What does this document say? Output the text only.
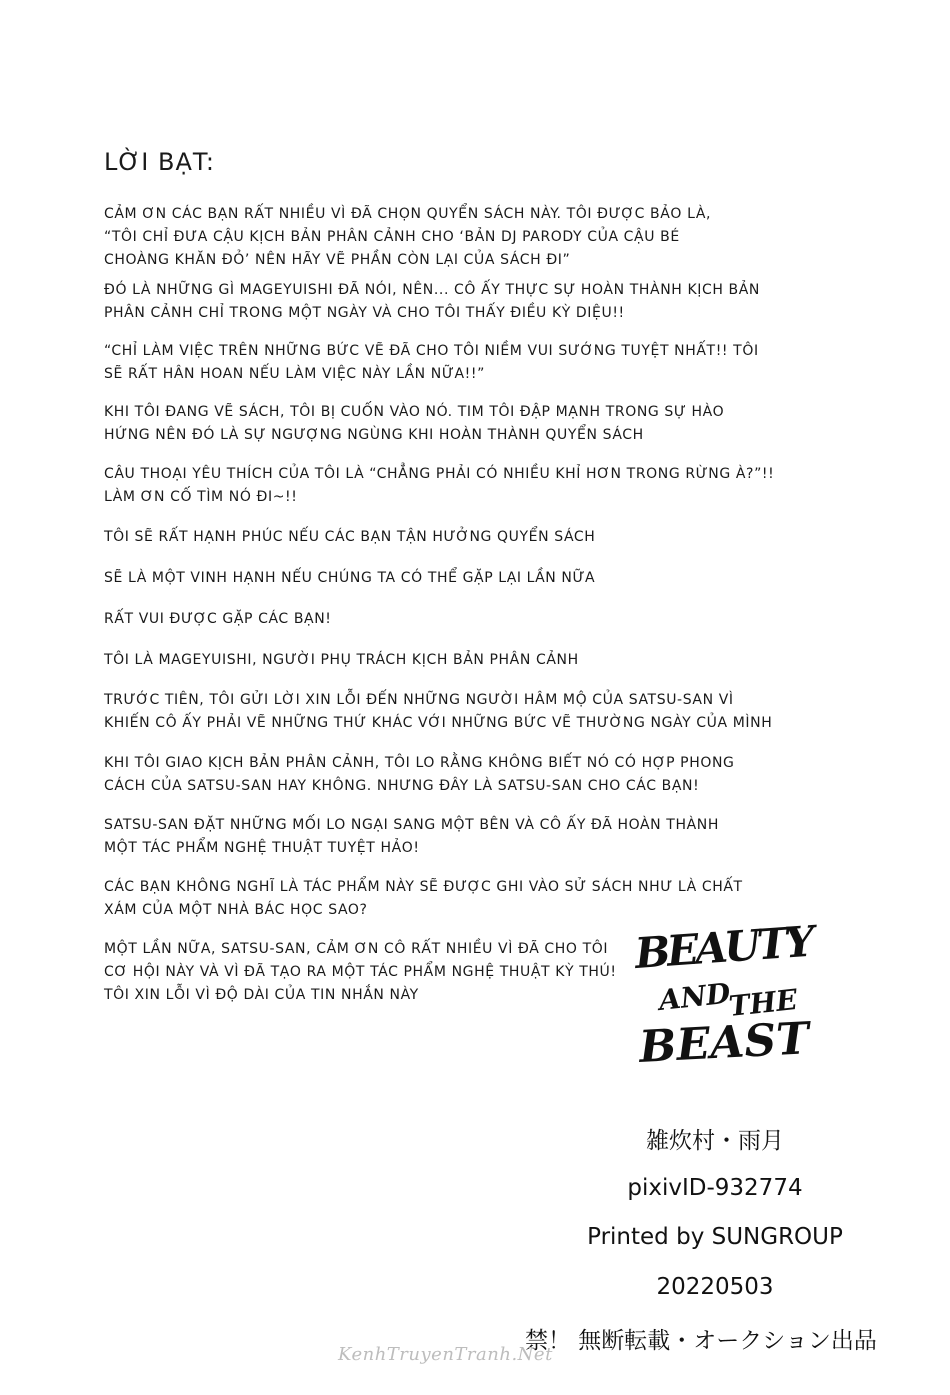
LỜI BẠT:
CẢM ƠN CÁC BẠN RẤT NHIỀU VÌ ĐÃ CHỌN QUYỂN SÁCH NÀY. TÔI ĐƯỢC BẢO LÀ,
“TÔI CHỈ ĐƯA CẬU KỊCH BẢN PHÂN CẢNH CHO ‘BẢN DJ PARODY CỦA CẬU BÉ
CHOÀNG KHĂN ĐỎ’ NÊN HÃY VẼ PHẦN CÒN LẠI CỦA SÁCH ĐI”
ĐÓ LÀ NHỮNG GÌ MAGEYUISHI ĐÃ NÓI, NÊN... CÔ ẤY THỰC SỰ HOÀN THÀNH KỊCH BẢN
PHÂN CẢNH CHỈ TRONG MỘT NGÀY VÀ CHO TÔI THẤY ĐIỀU KỲ DIỆU!!
“CHỈ LÀM VIỆC TRÊN NHỮNG BỨC VẼ ĐÃ CHO TÔI NIỀM VUI SƯỚNG TUYỆT NHẤT!! TÔI
SẼ RẤT HÂN HOAN NẾU LÀM VIỆC NÀY LẦN NỮA!!”
KHI TÔI ĐANG VẼ SÁCH, TÔI BỊ CUỐN VÀO NÓ. TIM TÔI ĐẬP MẠNH TRONG SỰ HÀO
HỨNG NÊN ĐÓ LÀ SỰ NGƯỢNG NGÙNG KHI HOÀN THÀNH QUYỂN SÁCH
CÂU THOẠI YÊU THÍCH CỦA TÔI LÀ “CHẲNG PHẢI CÓ NHIỀU KHỈ HƠN TRONG RỪNG À?”!!
LÀM ƠN CỐ TÌM NÓ ĐI~!!
TÔI SẼ RẤT HẠNH PHÚC NẾU CÁC BẠN TẬN HƯỞNG QUYỂN SÁCH
SẼ LÀ MỘT VINH HẠNH NẾU CHÚNG TA CÓ THỂ GẶP LẠI LẦN NỮA
RẤT VUI ĐƯỢC GẶP CÁC BẠN!
TÔI LÀ MAGEYUISHI, NGƯỜI PHỤ TRÁCH KỊCH BẢN PHÂN CẢNH
TRƯỚC TIÊN, TÔI GỬI LỜI XIN LỖI ĐẾN NHỮNG NGƯỜI HÂM MỘ CỦA SATSU-SAN VÌ
KHIẾN CÔ ẤY PHẢI VẼ NHỮNG THỨ KHÁC VỚI NHỮNG BỨC VẼ THƯỜNG NGÀY CỦA MÌNH
KHI TÔI GIAO KỊCH BẢN PHÂN CẢNH, TÔI LO RẰNG KHÔNG BIẾT NÓ CÓ HỢP PHONG
CÁCH CỦA SATSU-SAN HAY KHÔNG. NHƯNG ĐÂY LÀ SATSU-SAN CHO CÁC BẠN!
SATSU-SAN ĐẶT NHỮNG MỐI LO NGẠI SANG MỘT BÊN VÀ CÔ ẤY ĐÃ HOÀN THÀNH
MỘT TÁC PHẨM NGHỆ THUẬT TUYỆT HẢO!
CÁC BẠN KHÔNG NGHĨ LÀ TÁC PHẨM NÀY SẼ ĐƯỢC GHI VÀO SỬ SÁCH NHƯ LÀ CHẤT
XÁM CỦA MỘT NHÀ BÁC HỌC SAO?
MỘT LẦN NỮA, SATSU-SAN, CẢM ƠN CÔ RẤT NHIỀU VÌ ĐÃ CHO TÔI
CƠ HỘI NÀY VÀ VÌ ĐÃ TẠO RA MỘT TÁC PHẨM NGHỆ THUẬT KỲ THÚ!
TÔI XIN LỖI VÌ ĐỘ DÀI CỦA TIN NHẮN NÀY
BEAUTY
AND
THE
BEAST
雑炊村・雨月
pixivID-932774
Printed by SUNGROUP
20220503
禁！ 無断転載・オークション出品
KenhTruyenTranh.Net
